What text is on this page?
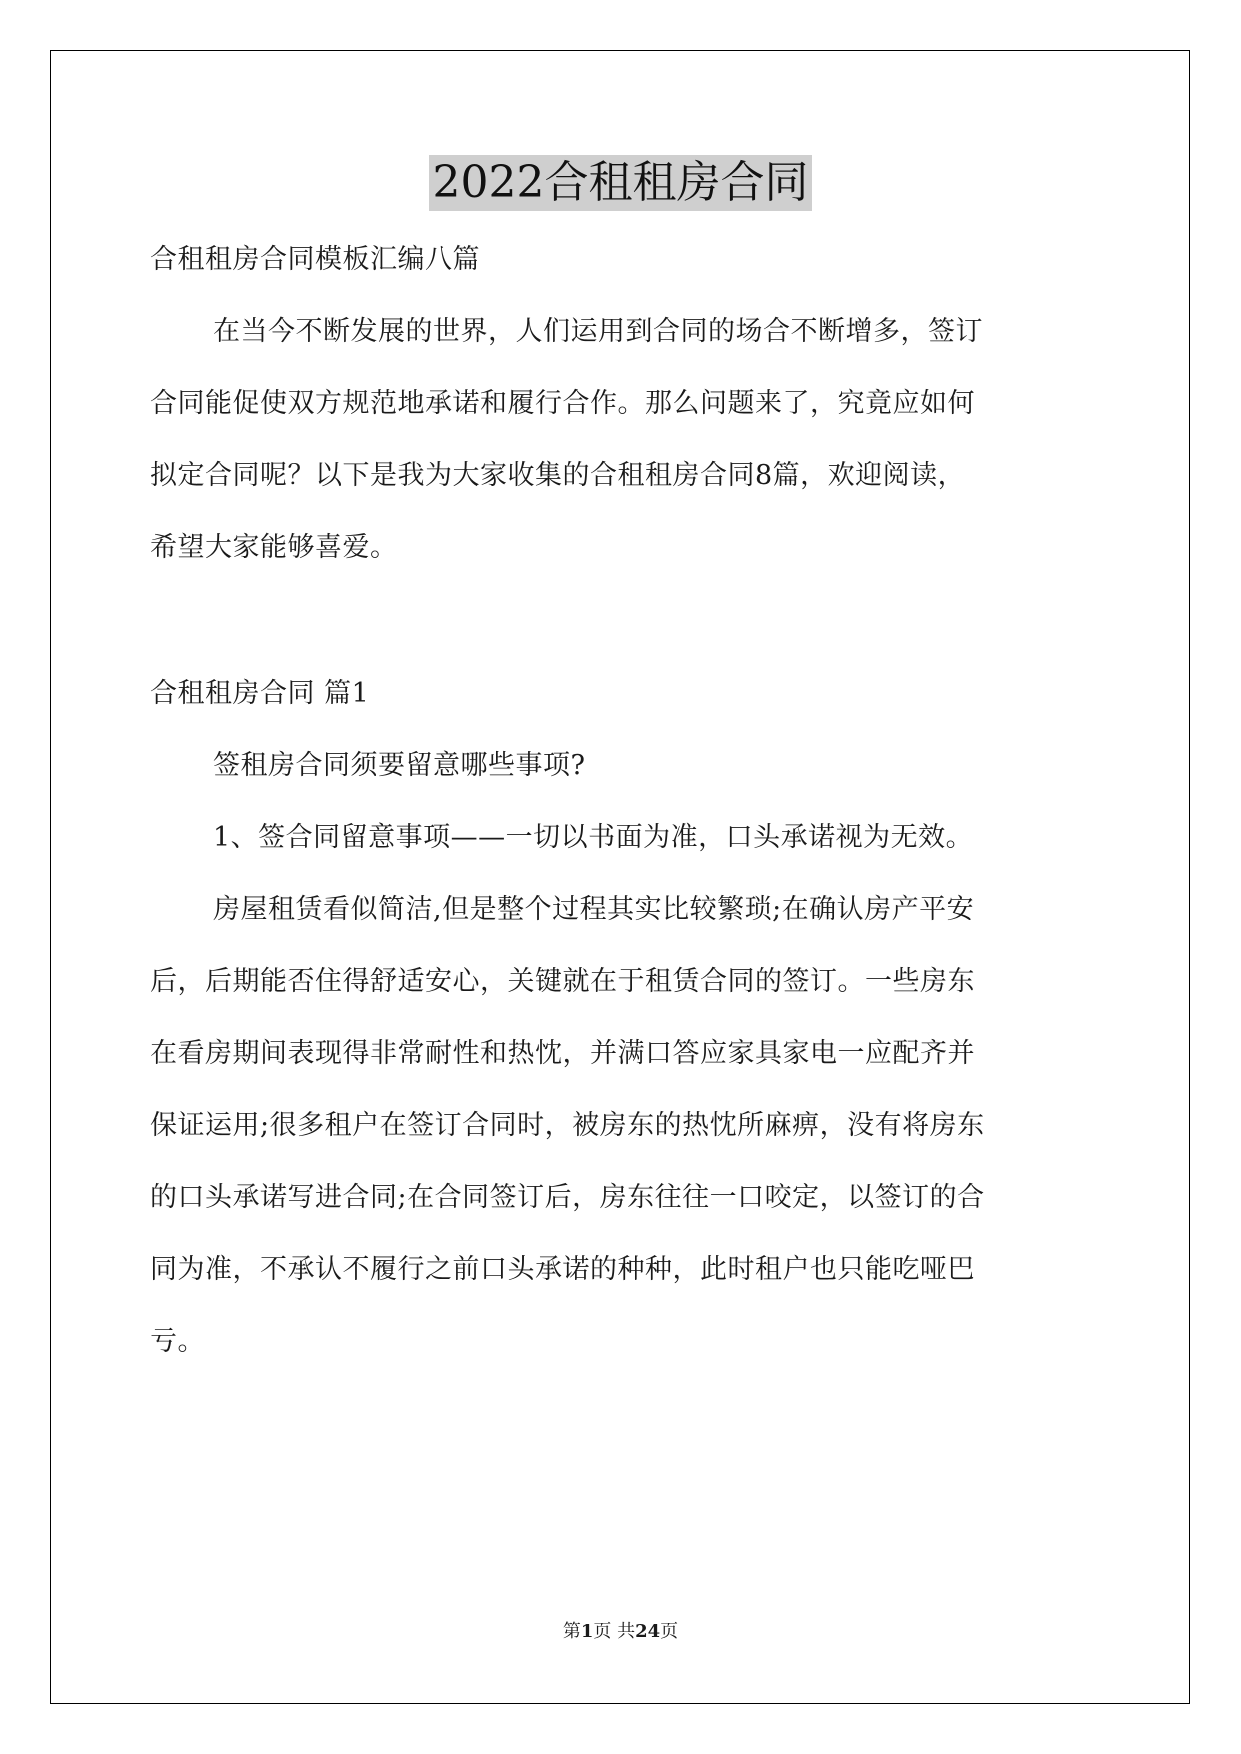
2022合租租房合同
合租租房合同模板汇编八篇
在当今不断发展的世界，人们运用到合同的场合不断增多，签订
合同能促使双方规范地承诺和履行合作。那么问题来了，究竟应如何
拟定合同呢？以下是我为大家收集的合租租房合同8篇，欢迎阅读，
希望大家能够喜爱。
合租租房合同 篇1
签租房合同须要留意哪些事项?
1、签合同留意事项——一切以书面为准，口头承诺视为无效。
房屋租赁看似简洁,但是整个过程其实比较繁琐;在确认房产平安
后，后期能否住得舒适安心，关键就在于租赁合同的签订。一些房东
在看房期间表现得非常耐性和热忱，并满口答应家具家电一应配齐并
保证运用;很多租户在签订合同时，被房东的热忱所麻痹，没有将房东
的口头承诺写进合同;在合同签订后，房东往往一口咬定，以签订的合
同为准，不承认不履行之前口头承诺的种种，此时租户也只能吃哑巴
亏。
第1页 共24页
